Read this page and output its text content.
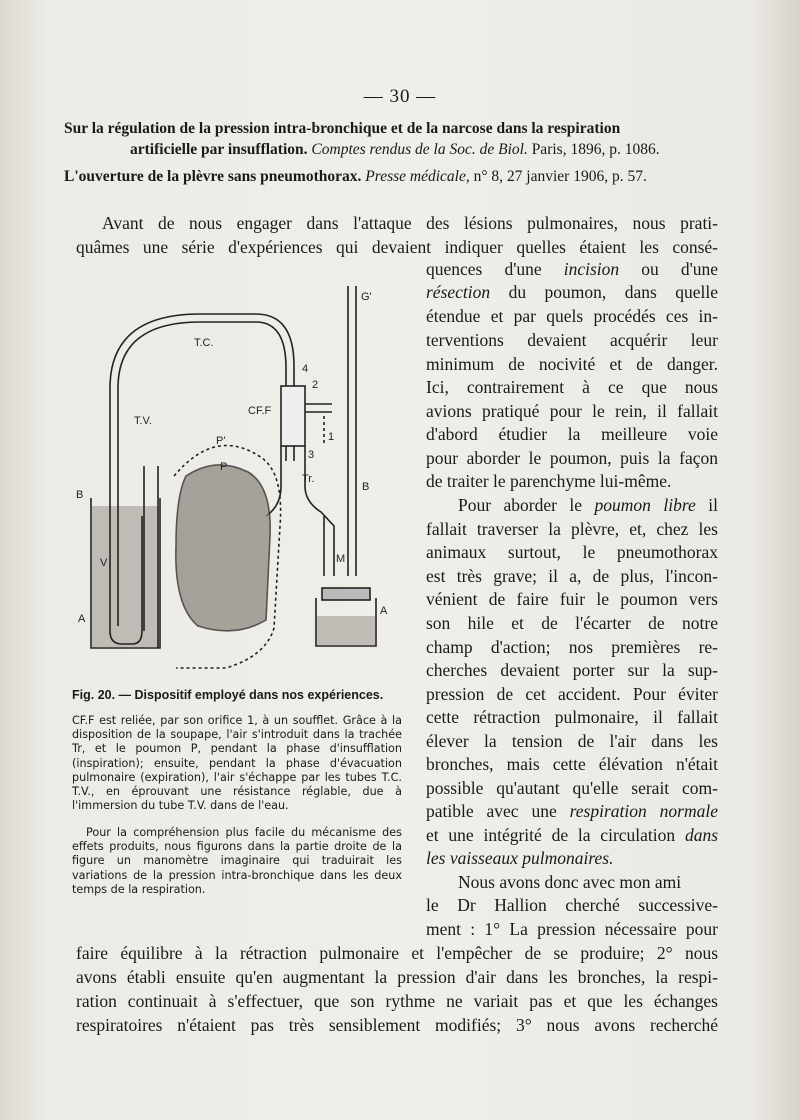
— 30 —
Sur la régulation de la pression intra-bronchique et de la narcose dans la respiration
artificielle par insufflation. Comptes rendus de la Soc. de Biol. Paris, 1896, p. 1086.
L'ouverture de la plèvre sans pneumothorax. Presse médicale, n° 8, 27 janvier 1906, p. 57.
Avant de nous engager dans l'attaque des lésions pulmonaires, nous prati-
quâmes une série d'expériences qui devaient indiquer quelles étaient les consé-
quences d'une incision ou d'une
résection du poumon, dans quelle
étendue et par quels procédés ces in-
terventions devaient acquérir leur
minimum de nocivité et de danger.
Ici, contrairement à ce que nous
avions pratiqué pour le rein, il fallait
d'abord étudier la meilleure voie
pour aborder le poumon, puis la façon
de traiter le parenchyme lui-même.
Pour aborder le poumon libre il
fallait traverser la plèvre, et, chez les
animaux surtout, le pneumothorax
est très grave; il a, de plus, l'incon-
vénient de faire fuir le poumon vers
son hile et de l'écarter de notre
champ d'action; nos premières re-
cherches devaient porter sur la sup-
pression de cet accident. Pour éviter
cette rétraction pulmonaire, il fallait
élever la tension de l'air dans les
bronches, mais cette élévation n'était
possible qu'autant qu'elle serait com-
patible avec une respiration normale
et une intégrité de la circulation dans
les vaisseaux pulmonaires.
Nous avons donc avec mon ami
le Dr Hallion cherché successive-
ment : 1° La pression nécessaire pour
faire équilibre à la rétraction pulmonaire et l'empêcher de se produire; 2° nous
avons établi ensuite qu'en augmentant la pression d'air dans les bronches, la respi-
ration continuait à s'effectuer, que son rythme ne variait pas et que les échanges
respiratoires n'étaient pas très sensiblement modifiés; 3° nous avons recherché
T.C.
T.V.
CF.F
G'
B
B
A
A
V
P
P'
Tr.
M
1
2
3
4
Fig. 20. — Dispositif employé dans nos expériences.

CF.F est reliée, par son orifice 1, à un soufflet. Grâce à la disposition de la soupape, l'air s'introduit dans la trachée Tr, et le poumon P, pendant la phase d'insufflation (inspiration); ensuite, pendant la phase d'évacuation pulmonaire (expiration), l'air s'échappe par les tubes T.C. T.V., en éprouvant une résistance réglable, due à l'immersion du tube T.V. dans de l'eau.

Pour la compréhension plus facile du mécanisme des effets produits, nous figurons dans la partie droite de la figure un manomètre imaginaire qui traduirait les variations de la pression intra-bronchique dans les deux temps de la respiration.
